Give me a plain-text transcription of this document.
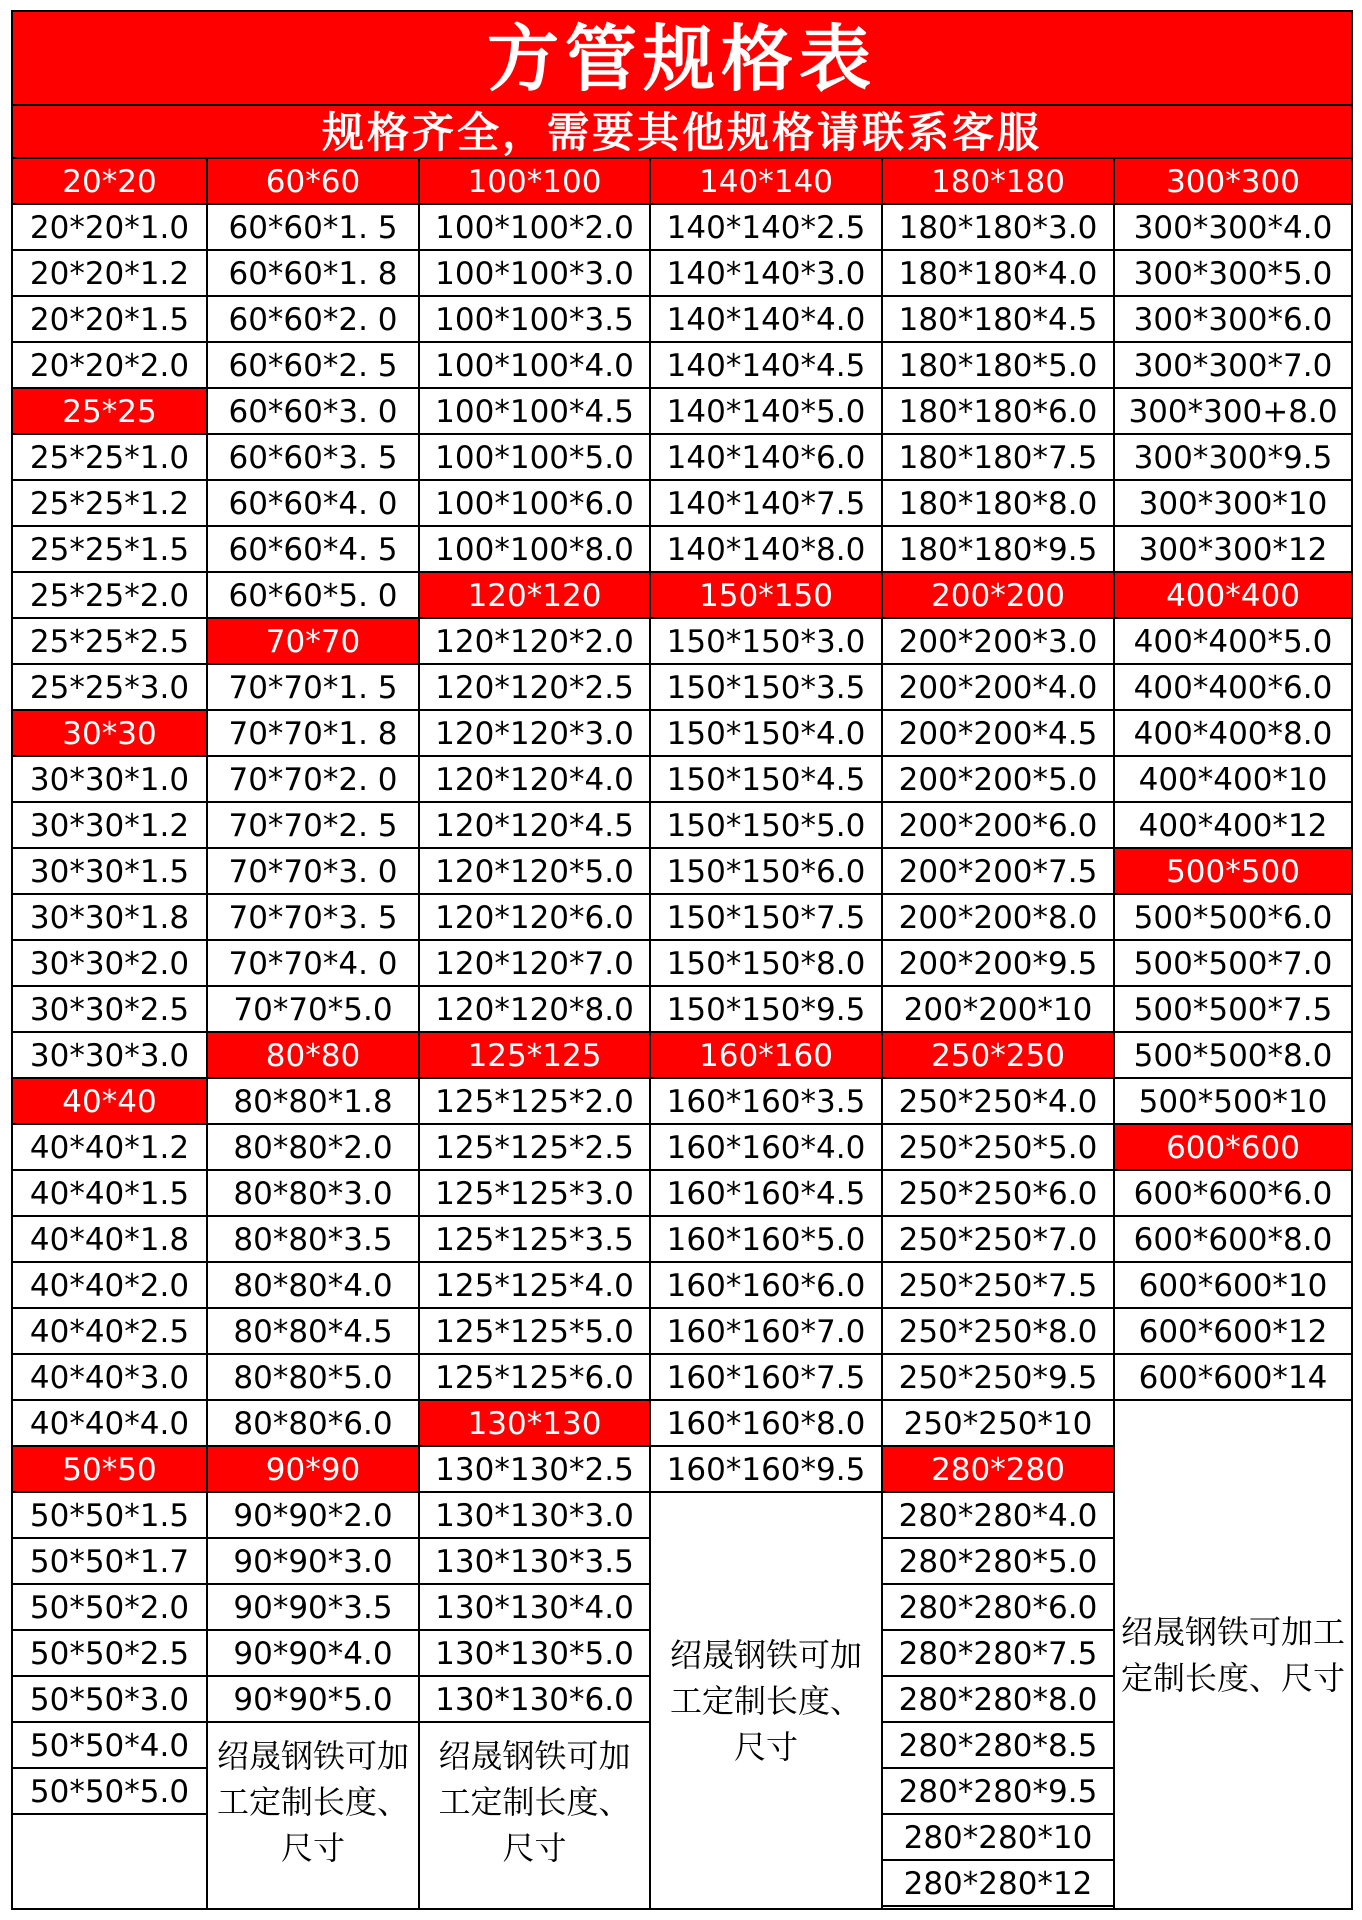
方管规格表
规格齐全，需要其他规格请联系客服
20*20
20*20*1.0
20*20*1.2
20*20*1.5
20*20*2.0
25*25
25*25*1.0
25*25*1.2
25*25*1.5
25*25*2.0
25*25*2.5
25*25*3.0
30*30
30*30*1.0
30*30*1.2
30*30*1.5
30*30*1.8
30*30*2.0
30*30*2.5
30*30*3.0
40*40
40*40*1.2
40*40*1.5
40*40*1.8
40*40*2.0
40*40*2.5
40*40*3.0
40*40*4.0
50*50
50*50*1.5
50*50*1.7
50*50*2.0
50*50*2.5
50*50*3.0
50*50*4.0
50*50*5.0
60*60
60*60*1. 5
60*60*1. 8
60*60*2. 0
60*60*2. 5
60*60*3. 0
60*60*3. 5
60*60*4. 0
60*60*4. 5
60*60*5. 0
70*70
70*70*1. 5
70*70*1. 8
70*70*2. 0
70*70*2. 5
70*70*3. 0
70*70*3. 5
70*70*4. 0
70*70*5.0
80*80
80*80*1.8
80*80*2.0
80*80*3.0
80*80*3.5
80*80*4.0
80*80*4.5
80*80*5.0
80*80*6.0
90*90
90*90*2.0
90*90*3.0
90*90*3.5
90*90*4.0
90*90*5.0
绍晟钢铁可加工定制长度、尺寸
100*100
100*100*2.0
100*100*3.0
100*100*3.5
100*100*4.0
100*100*4.5
100*100*5.0
100*100*6.0
100*100*8.0
120*120
120*120*2.0
120*120*2.5
120*120*3.0
120*120*4.0
120*120*4.5
120*120*5.0
120*120*6.0
120*120*7.0
120*120*8.0
125*125
125*125*2.0
125*125*2.5
125*125*3.0
125*125*3.5
125*125*4.0
125*125*5.0
125*125*6.0
130*130
130*130*2.5
130*130*3.0
130*130*3.5
130*130*4.0
130*130*5.0
130*130*6.0
绍晟钢铁可加工定制长度、尺寸
140*140
140*140*2.5
140*140*3.0
140*140*4.0
140*140*4.5
140*140*5.0
140*140*6.0
140*140*7.5
140*140*8.0
150*150
150*150*3.0
150*150*3.5
150*150*4.0
150*150*4.5
150*150*5.0
150*150*6.0
150*150*7.5
150*150*8.0
150*150*9.5
160*160
160*160*3.5
160*160*4.0
160*160*4.5
160*160*5.0
160*160*6.0
160*160*7.0
160*160*7.5
160*160*8.0
160*160*9.5
绍晟钢铁可加工定制长度、尺寸
180*180
180*180*3.0
180*180*4.0
180*180*4.5
180*180*5.0
180*180*6.0
180*180*7.5
180*180*8.0
180*180*9.5
200*200
200*200*3.0
200*200*4.0
200*200*4.5
200*200*5.0
200*200*6.0
200*200*7.5
200*200*8.0
200*200*9.5
200*200*10
250*250
250*250*4.0
250*250*5.0
250*250*6.0
250*250*7.0
250*250*7.5
250*250*8.0
250*250*9.5
250*250*10
280*280
280*280*4.0
280*280*5.0
280*280*6.0
280*280*7.5
280*280*8.0
280*280*8.5
280*280*9.5
280*280*10
280*280*12
300*300
300*300*4.0
300*300*5.0
300*300*6.0
300*300*7.0
300*300+8.0
300*300*9.5
300*300*10
300*300*12
400*400
400*400*5.0
400*400*6.0
400*400*8.0
400*400*10
400*400*12
500*500
500*500*6.0
500*500*7.0
500*500*7.5
500*500*8.0
500*500*10
600*600
600*600*6.0
600*600*8.0
600*600*10
600*600*12
600*600*14
绍晟钢铁可加工定制长度、尺寸
